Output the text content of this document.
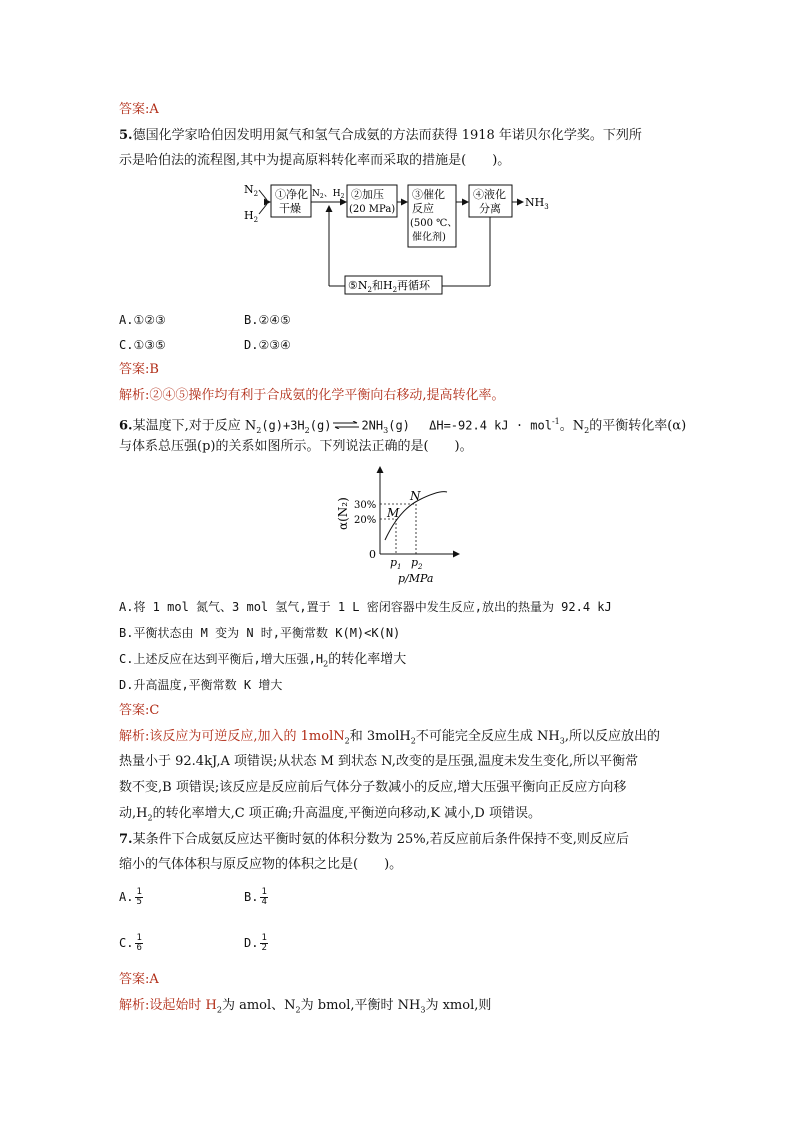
答案:A
5.德国化学家哈伯因发明用氮气和氢气合成氨的方法而获得 1918 年诺贝尔化学奖。下列所
示是哈伯法的流程图,其中为提高原料转化率而采取的措施是(　　)。
$N_2$
$H_2$
①净化
干燥
$N_2$、$H_2$ ②加压
(20 MPa)
③催化
反应
(500 ℃、
催化剂)
④液化
分离 $NH_3$
$⑤N_2$和$H_2$再循环
A.①②③	B.②④⑤
C.①③⑤	D.②③④
答案:B
解析:②④⑤操作均有利于合成氨的化学平衡向右移动,提高转化率。
6.某温度下,对于反应 $N_2(g)+3H_2(g)$ ⇌ $2NH_3(g)$　 ΔH=-92.4 kJ · mol$^{-1}$。$N_2$的平衡转化率(α)
与体系总压强(p)的关系如图所示。下列说法正确的是(　　)。
α(N₂) 30%
20%
0
M
N
$p_1$ $p_2$
p/MPa
A.将 1 mol 氮气、3 mol 氢气,置于 1 L 密闭容器中发生反应,放出的热量为 92.4 kJ
B.平衡状态由 M 变为 N 时,平衡常数 K(M)<K(N)
C.上述反应在达到平衡后,增大压强$,H_2$的转化率增大
D.升高温度,平衡常数 K 增大
答案:C
解析:该反应为可逆反应,加入的 1molN$_2$和 3molH$_2$不可能完全反应生成 $NH_3$,所以反应放出的
热量小于 92.4kJ,A 项错误;从状态 M 到状态 N,改变的是压强,温度未发生变化,所以平衡常
数不变,B 项错误;该反应是反应前后气体分子数减小的反应,增大压强平衡向正反应方向移
动$,H_2$的转化率增大,C 项正确;升高温度,平衡逆向移动,K 减小,D 项错误。
7.某条件下合成氨反应达平衡时氨的体积分数为 25%,若反应前后条件保持不变,则反应后
缩小的气体体积与原反应物的体积之比是(　　)。
A. $\frac{1}{5}$	B. $\frac{1}{4}$
C. $\frac{1}{6}$	D. $\frac{1}{2}$
答案:A
解析:设起始时 $H_2$为 amol、$N_2$为 bmol,平衡时 $NH_3$为 xmol,则
